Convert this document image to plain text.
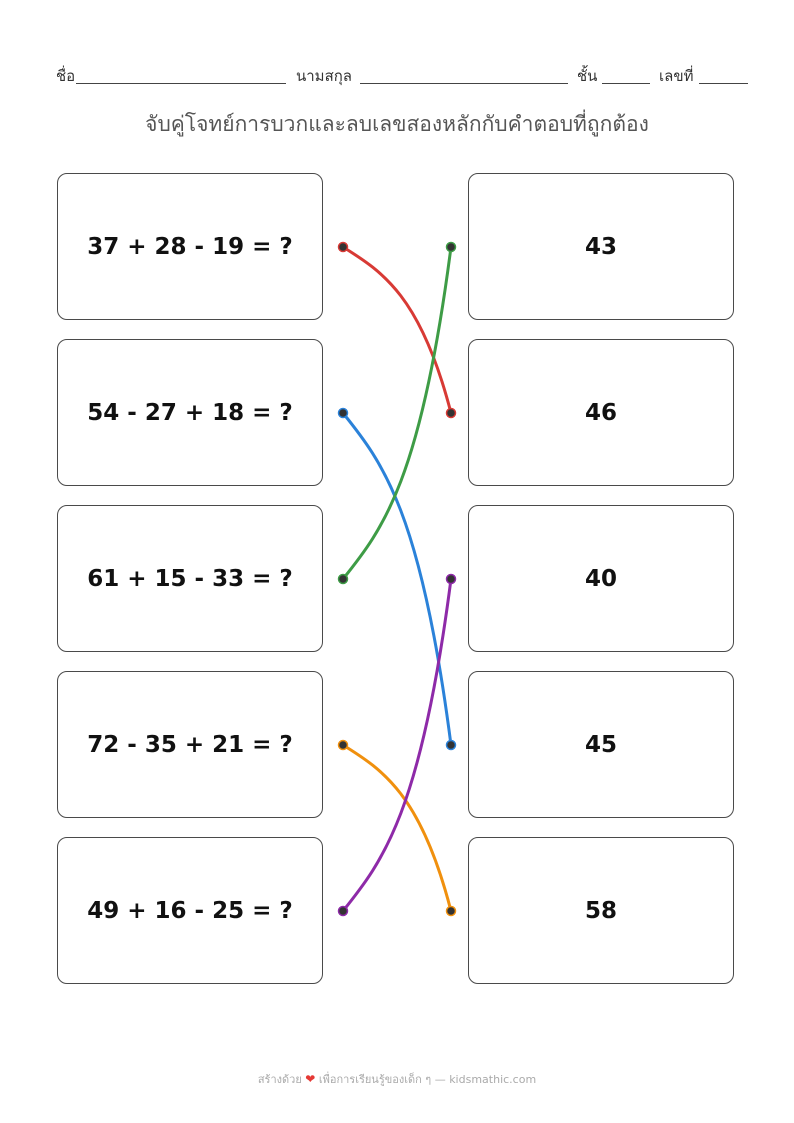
ชื่อ	นามสกุล	ชั้น	เลขที่
จับคู่โจทย์การบวกและลบเลขสองหลักกับคำตอบที่ถูกต้อง
37 + 28 - 19 = ?
54 - 27 + 18 = ?
61 + 15 - 33 = ?
72 - 35 + 21 = ?
49 + 16 - 25 = ?
43
46
40
45
58
สร้างด้วย ❤ เพื่อการเรียนรู้ของเด็ก ๆ — kidsmathic.com
